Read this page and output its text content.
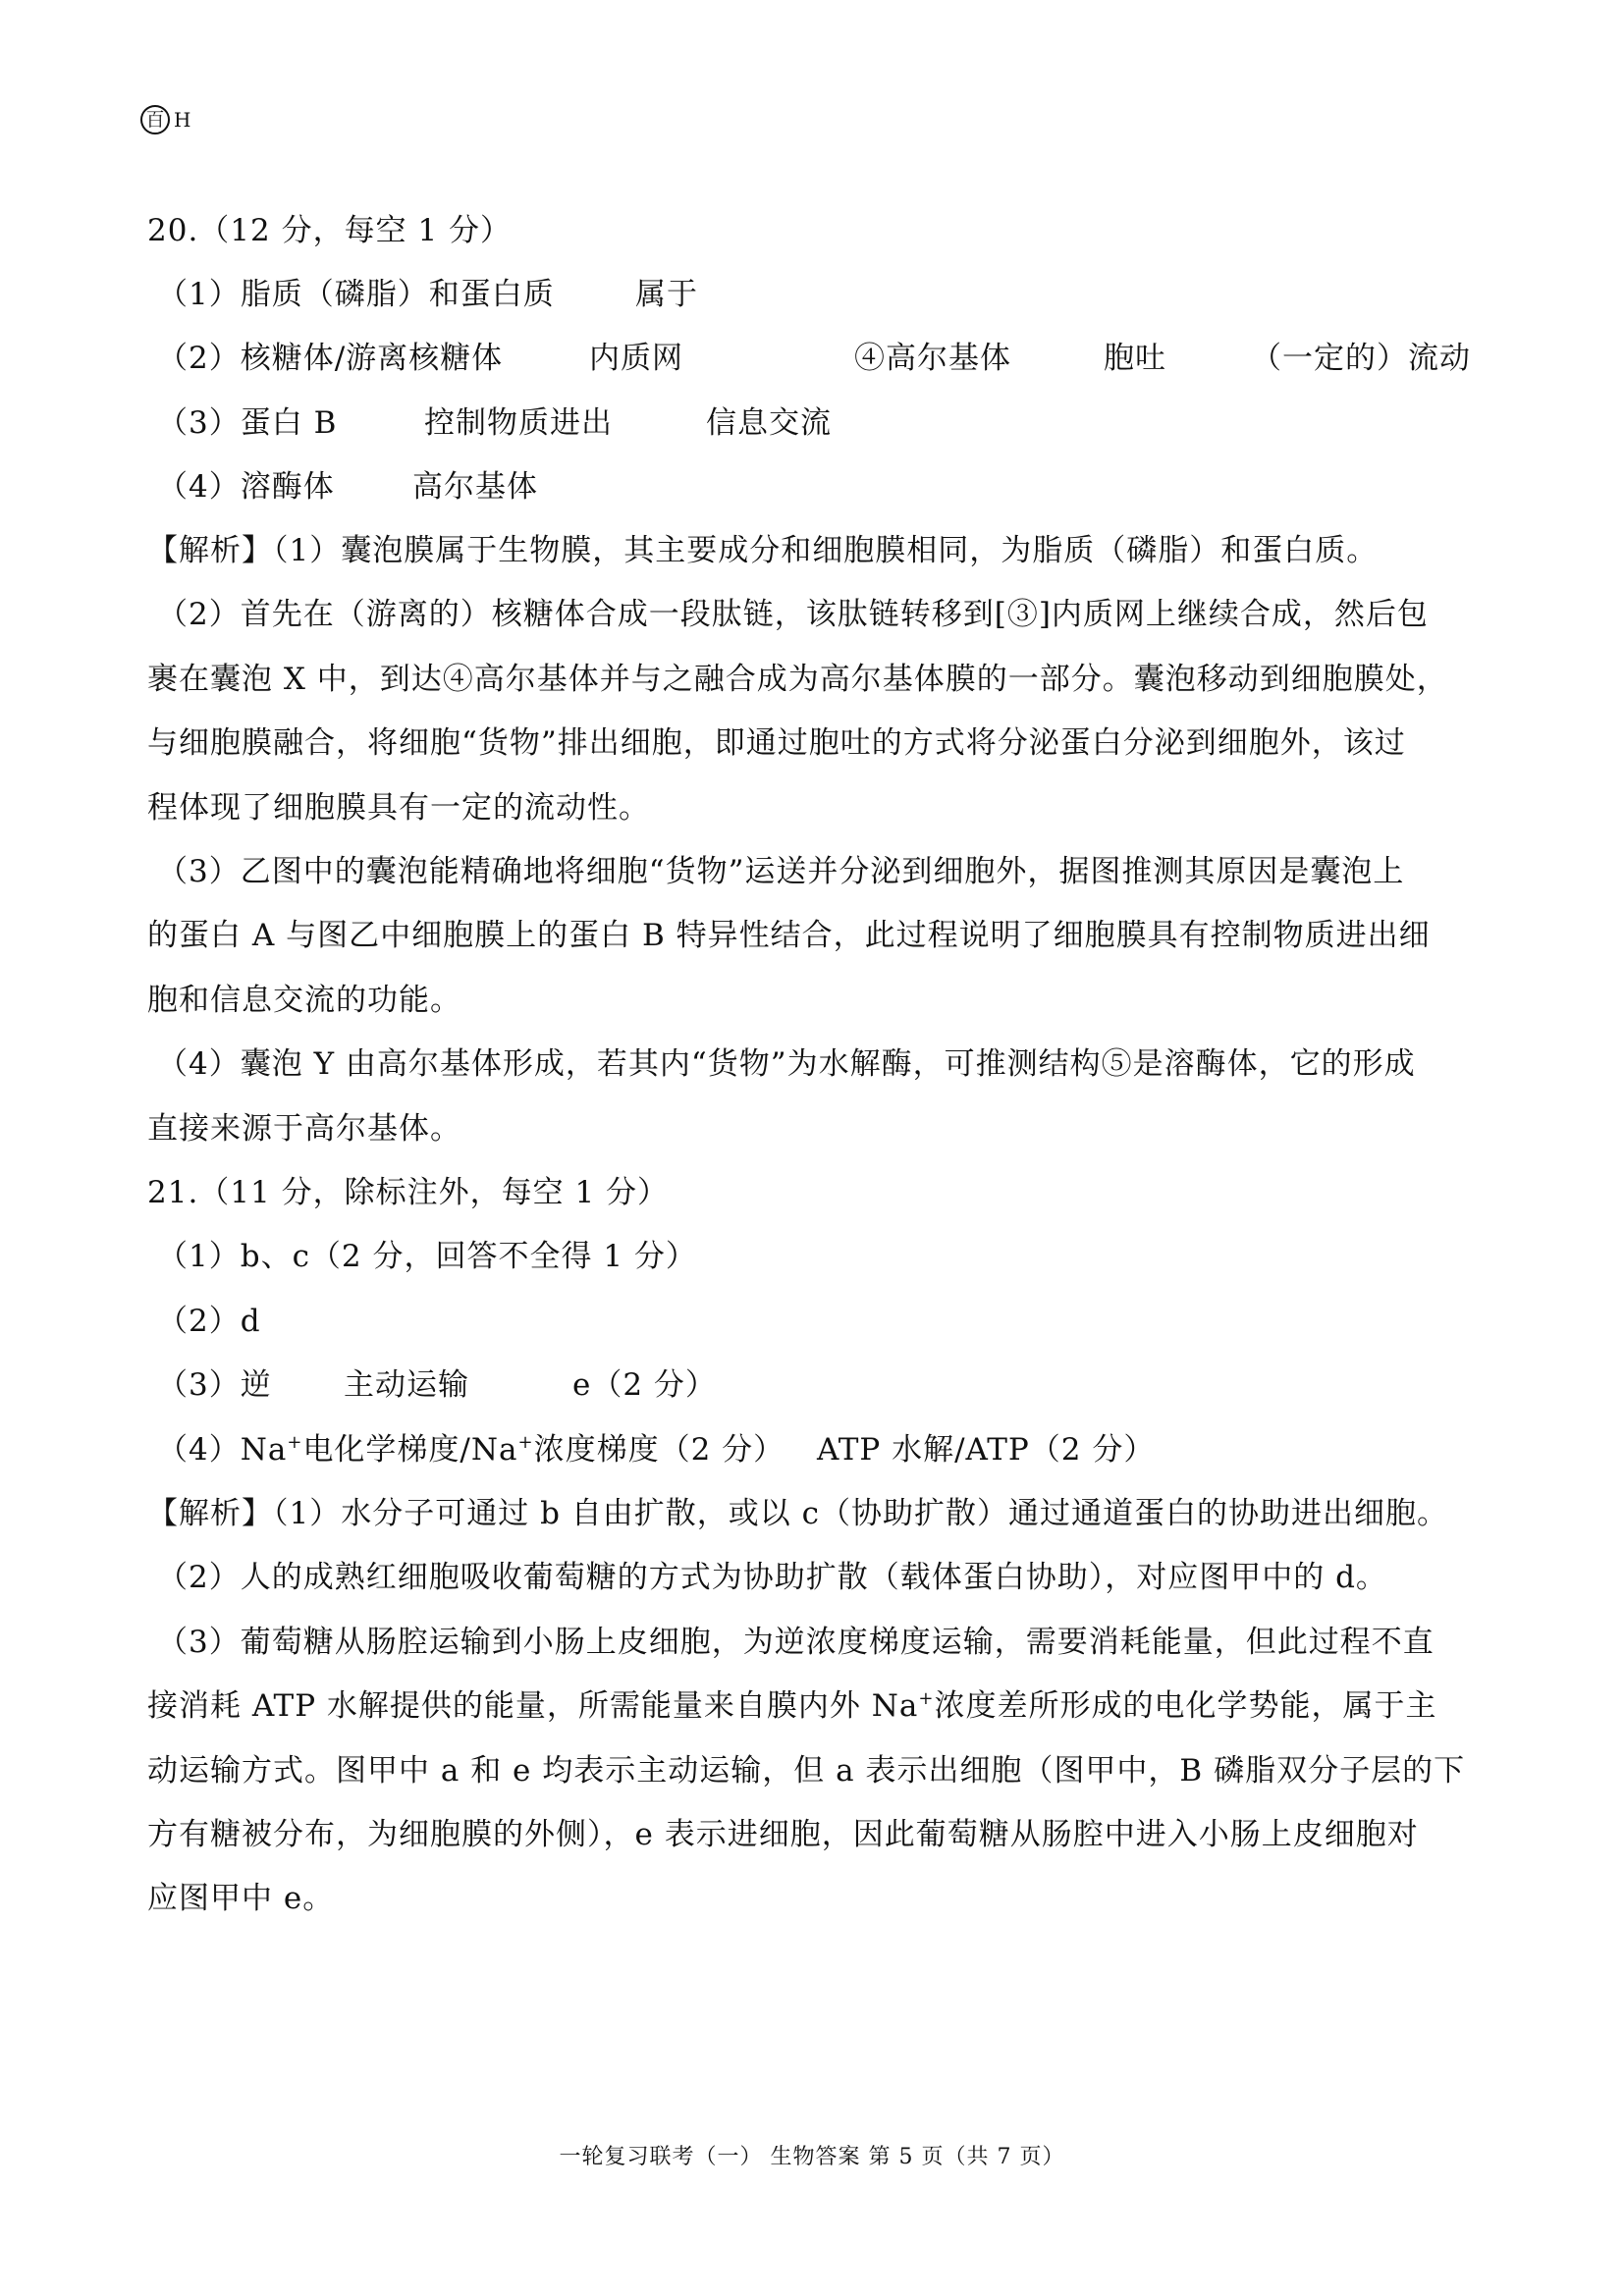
百 H
20.（12 分，每空 1 分）
（1）脂质（磷脂）和蛋白质	属于
（2）核糖体/游离核糖体	内质网	④高尔基体	胞吐	（一定的）流动
（3）蛋白 B	控制物质进出	信息交流
（4）溶酶体	高尔基体
【解析】（1）囊泡膜属于生物膜，其主要成分和细胞膜相同，为脂质（磷脂）和蛋白质。
（2）首先在（游离的）核糖体合成一段肽链，该肽链转移到[③]内质网上继续合成，然后包
裹在囊泡 X 中，到达④高尔基体并与之融合成为高尔基体膜的一部分。囊泡移动到细胞膜处，
与细胞膜融合，将细胞“货物”排出细胞，即通过胞吐的方式将分泌蛋白分泌到细胞外，该过
程体现了细胞膜具有一定的流动性。
（3）乙图中的囊泡能精确地将细胞“货物”运送并分泌到细胞外，据图推测其原因是囊泡上
的蛋白 A 与图乙中细胞膜上的蛋白 B 特异性结合，此过程说明了细胞膜具有控制物质进出细
胞和信息交流的功能。
（4）囊泡 Y 由高尔基体形成，若其内“货物”为水解酶，可推测结构⑤是溶酶体，它的形成
直接来源于高尔基体。
21.（11 分，除标注外，每空 1 分）
（1）b、c（2 分，回答不全得 1 分）
（2）d
（3）逆 主动运输	e（2 分）
（4）Na+电化学梯度/Na+浓度梯度（2 分） ATP 水解/ATP（2 分）
【解析】（1）水分子可通过 b 自由扩散，或以 c（协助扩散）通过通道蛋白的协助进出细胞。
（2）人的成熟红细胞吸收葡萄糖的方式为协助扩散（载体蛋白协助），对应图甲中的 d。
（3）葡萄糖从肠腔运输到小肠上皮细胞，为逆浓度梯度运输，需要消耗能量，但此过程不直
接消耗 ATP 水解提供的能量，所需能量来自膜内外 Na+浓度差所形成的电化学势能，属于主
动运输方式。图甲中 a 和 e 均表示主动运输，但 a 表示出细胞（图甲中，B 磷脂双分子层的下
方有糖被分布，为细胞膜的外侧），e 表示进细胞，因此葡萄糖从肠腔中进入小肠上皮细胞对
应图甲中 e。
一轮复习联考（一） 生物答案 第 5 页（共 7 页）
